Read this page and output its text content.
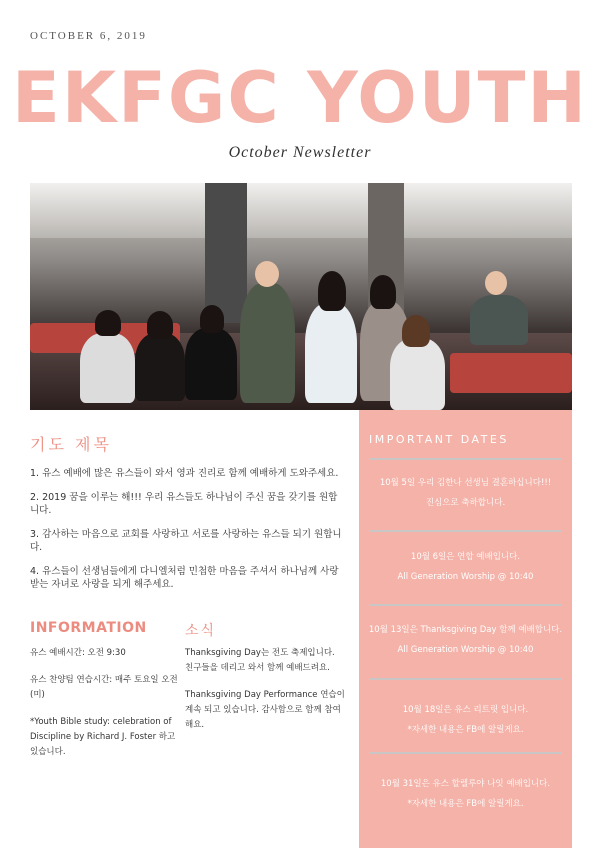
OCTOBER 6, 2019
EKFGC YOUTH
October Newsletter
기도 제목
1. 유스 예배에 많은 유스들이 와서 영과 진리로 함께 예배하게 도와주세요.
2. 2019 꿈을 이루는 해!!! 우리 유스들도 하나님이 주신 꿈을 갖기를 원합니다.
3. 감사하는 마음으로 교회를 사랑하고 서로를 사랑하는 유스들 되기 원합니다.
4. 유스들이 선생님들에게 다니엘처럼 민첩한 마음을 주셔서 하나님께 사랑 받는 자녀로 사랑을 되게 해주세요.
INFORMATION
유스 예배시간: 오전 9:30
유스 찬양팀 연습시간: 매주 토요일 오전 (미)
*Youth Bible study: celebration of Discipline by Richard J. Foster 하고 있습니다.
소식
Thanksgiving Day는 전도 축제입니다. 친구들을 데리고 와서 함께 예배드려요.
Thanksgiving Day Performance 연습이 계속 되고 있습니다. 감사함으로 함께 참여해요.
IMPORTANT DATES
10월 5일 우리 김한나 선생님 결혼하십니다!!!
진심으로 축하합니다.
10월 6일은 연합 예배입니다.
All Generation Worship @ 10:40
10월 13일은 Thanksgiving Day 함께 예배합니다.
All Generation Worship @ 10:40
10월 18일은 유스 리트릿 입니다.
*자세한 내용은 FB에 알릴게요.
10월 31일은 유스 할렐루야 나잇 예배입니다.
*자세한 내용은 FB에 알릴게요.
